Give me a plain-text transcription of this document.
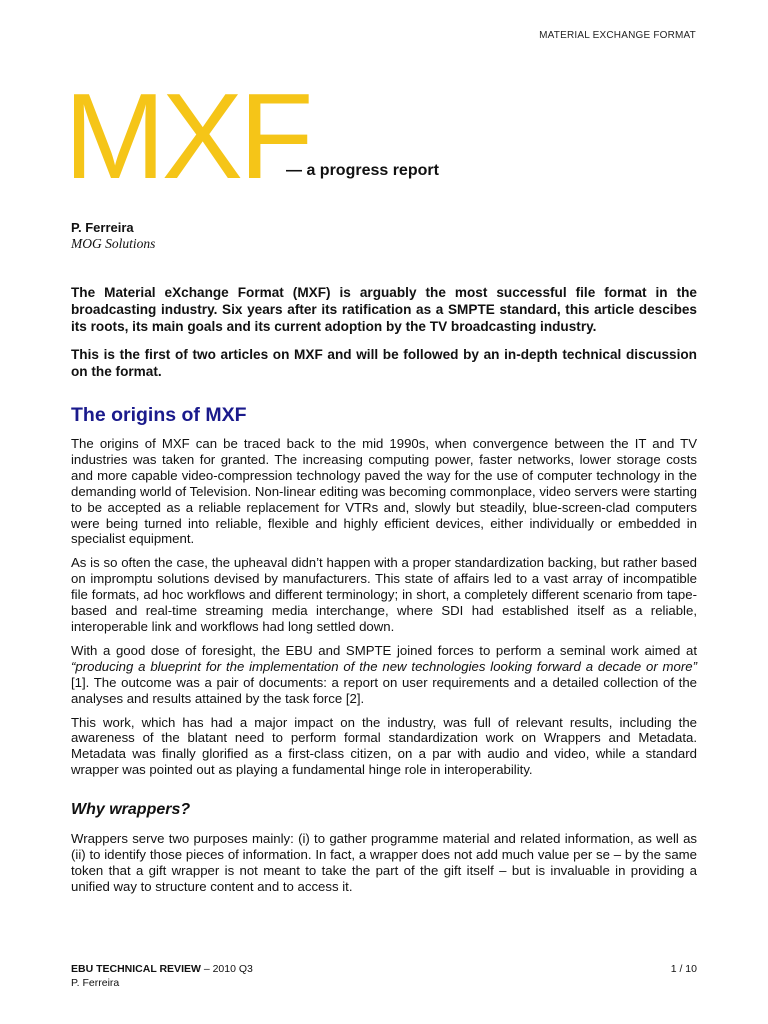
MATERIAL EXCHANGE FORMAT
MXF
— a progress report
P. Ferreira
MOG Solutions

The Material eXchange Format (MXF) is arguably the most successful file format in the broadcasting industry. Six years after its ratification as a SMPTE standard, this article descibes its roots, its main goals and its current adoption by the TV broadcasting industry.

This is the first of two articles on MXF and will be followed by an in-depth technical discussion on the format.

The origins of MXF

The origins of MXF can be traced back to the mid 1990s, when convergence between the IT and TV industries was taken for granted. The increasing computing power, faster networks, lower storage costs and more capable video-compression technology paved the way for the use of computer technology in the demanding world of Television. Non-linear editing was becoming commonplace, video servers were starting to be accepted as a reliable replacement for VTRs and, slowly but steadily, blue-screen-clad computers were being turned into reliable, flexible and highly efficient devices, either individually or embedded in specialist equipment.

As is so often the case, the upheaval didn’t happen with a proper standardization backing, but rather based on impromptu solutions devised by manufacturers. This state of affairs led to a vast array of incompatible file formats, ad hoc workflows and different terminology; in short, a completely different scenario from tape-based and real-time streaming media interchange, where SDI had established itself as a reliable, interoperable link and workflows had long settled down.

With a good dose of foresight, the EBU and SMPTE joined forces to perform a seminal work aimed at “producing a blueprint for the implementation of the new technologies looking forward a decade or more” [1]. The outcome was a pair of documents: a report on user requirements and a detailed collection of the analyses and results attained by the task force [2].

This work, which has had a major impact on the industry, was full of relevant results, including the awareness of the blatant need to perform formal standardization work on Wrappers and Metadata. Metadata was finally glorified as a first-class citizen, on a par with audio and video, while a standard wrapper was pointed out as playing a fundamental hinge role in interoperability.

Why wrappers?

Wrappers serve two purposes mainly: (i) to gather programme material and related information, as well as (ii) to identify those pieces of information. In fact, a wrapper does not add much value per se – by the same token that a gift wrapper is not meant to take the part of the gift itself – but is invaluable in providing a unified way to structure content and to access it.

EBU TECHNICAL REVIEW – 2010 Q3
P. Ferreira
1 / 10
